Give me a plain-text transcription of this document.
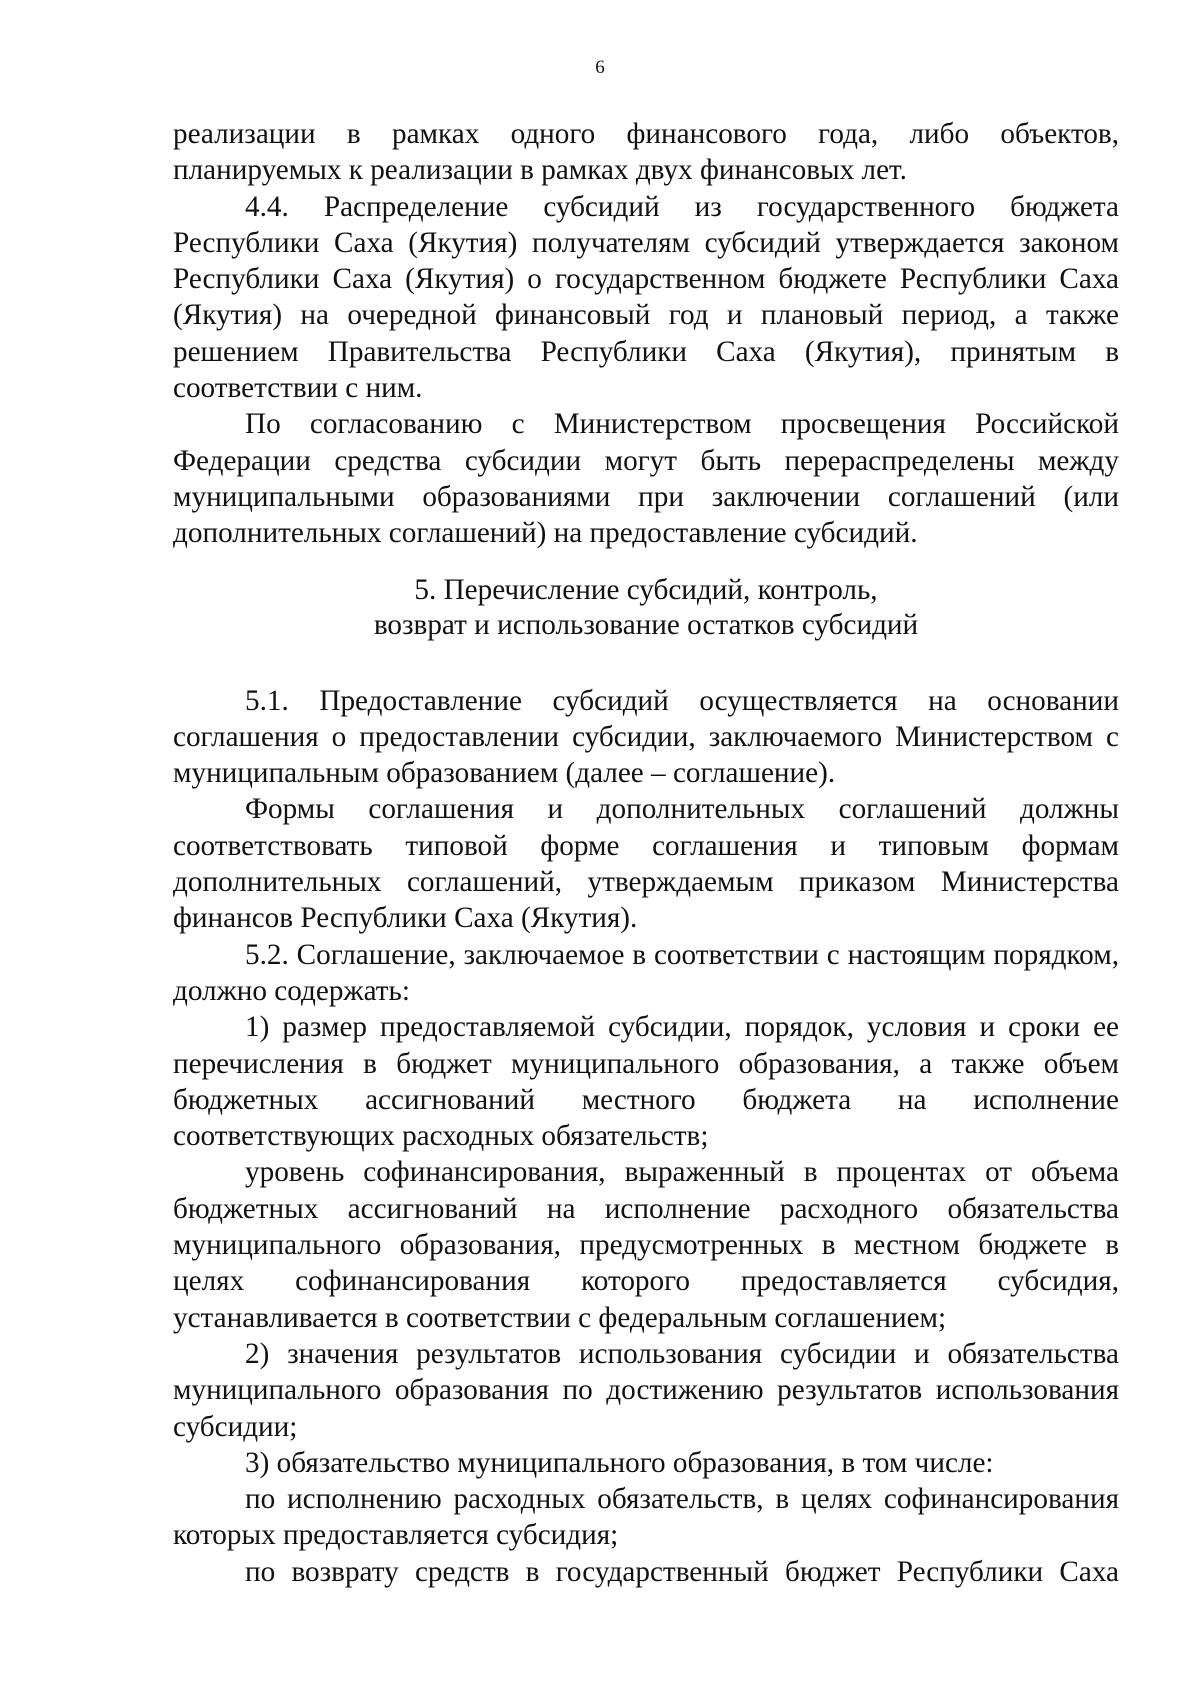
6

реализации в рамках одного финансового года, либо объектов, планируемых к реализации в рамках двух финансовых лет.

4.4. Распределение субсидий из государственного бюджета Республики Саха (Якутия) получателям субсидий утверждается законом Республики Саха (Якутия) о государственном бюджете Республики Саха (Якутия) на очередной финансовый год и плановый период, а также решением Правительства Республики Саха (Якутия), принятым в соответствии с ним.

По согласованию с Министерством просвещения Российской Федерации средства субсидии могут быть перераспределены между муниципальными образованиями при заключении соглашений (или дополнительных соглашений) на предоставление субсидий.

5. Перечисление субсидий, контроль,
возврат и использование остатков субсидий

5.1. Предоставление субсидий осуществляется на основании соглашения о предоставлении субсидии, заключаемого Министерством с муниципальным образованием (далее – соглашение).

Формы соглашения и дополнительных соглашений должны соответствовать типовой форме соглашения и типовым формам дополнительных соглашений, утверждаемым приказом Министерства финансов Республики Саха (Якутия).

5.2. Соглашение, заключаемое в соответствии с настоящим порядком, должно содержать:

1) размер предоставляемой субсидии, порядок, условия и сроки ее перечисления в бюджет муниципального образования, а также объем бюджетных ассигнований местного бюджета на исполнение соответствующих расходных обязательств;

уровень софинансирования, выраженный в процентах от объема бюджетных ассигнований на исполнение расходного обязательства муниципального образования, предусмотренных в местном бюджете в целях софинансирования которого предоставляется субсидия, устанавливается в соответствии с федеральным соглашением;

2) значения результатов использования субсидии и обязательства муниципального образования по достижению результатов использования субсидии;

3) обязательство муниципального образования, в том числе:

по исполнению расходных обязательств, в целях софинансирования которых предоставляется субсидия;

по возврату средств в государственный бюджет Республики Саха
